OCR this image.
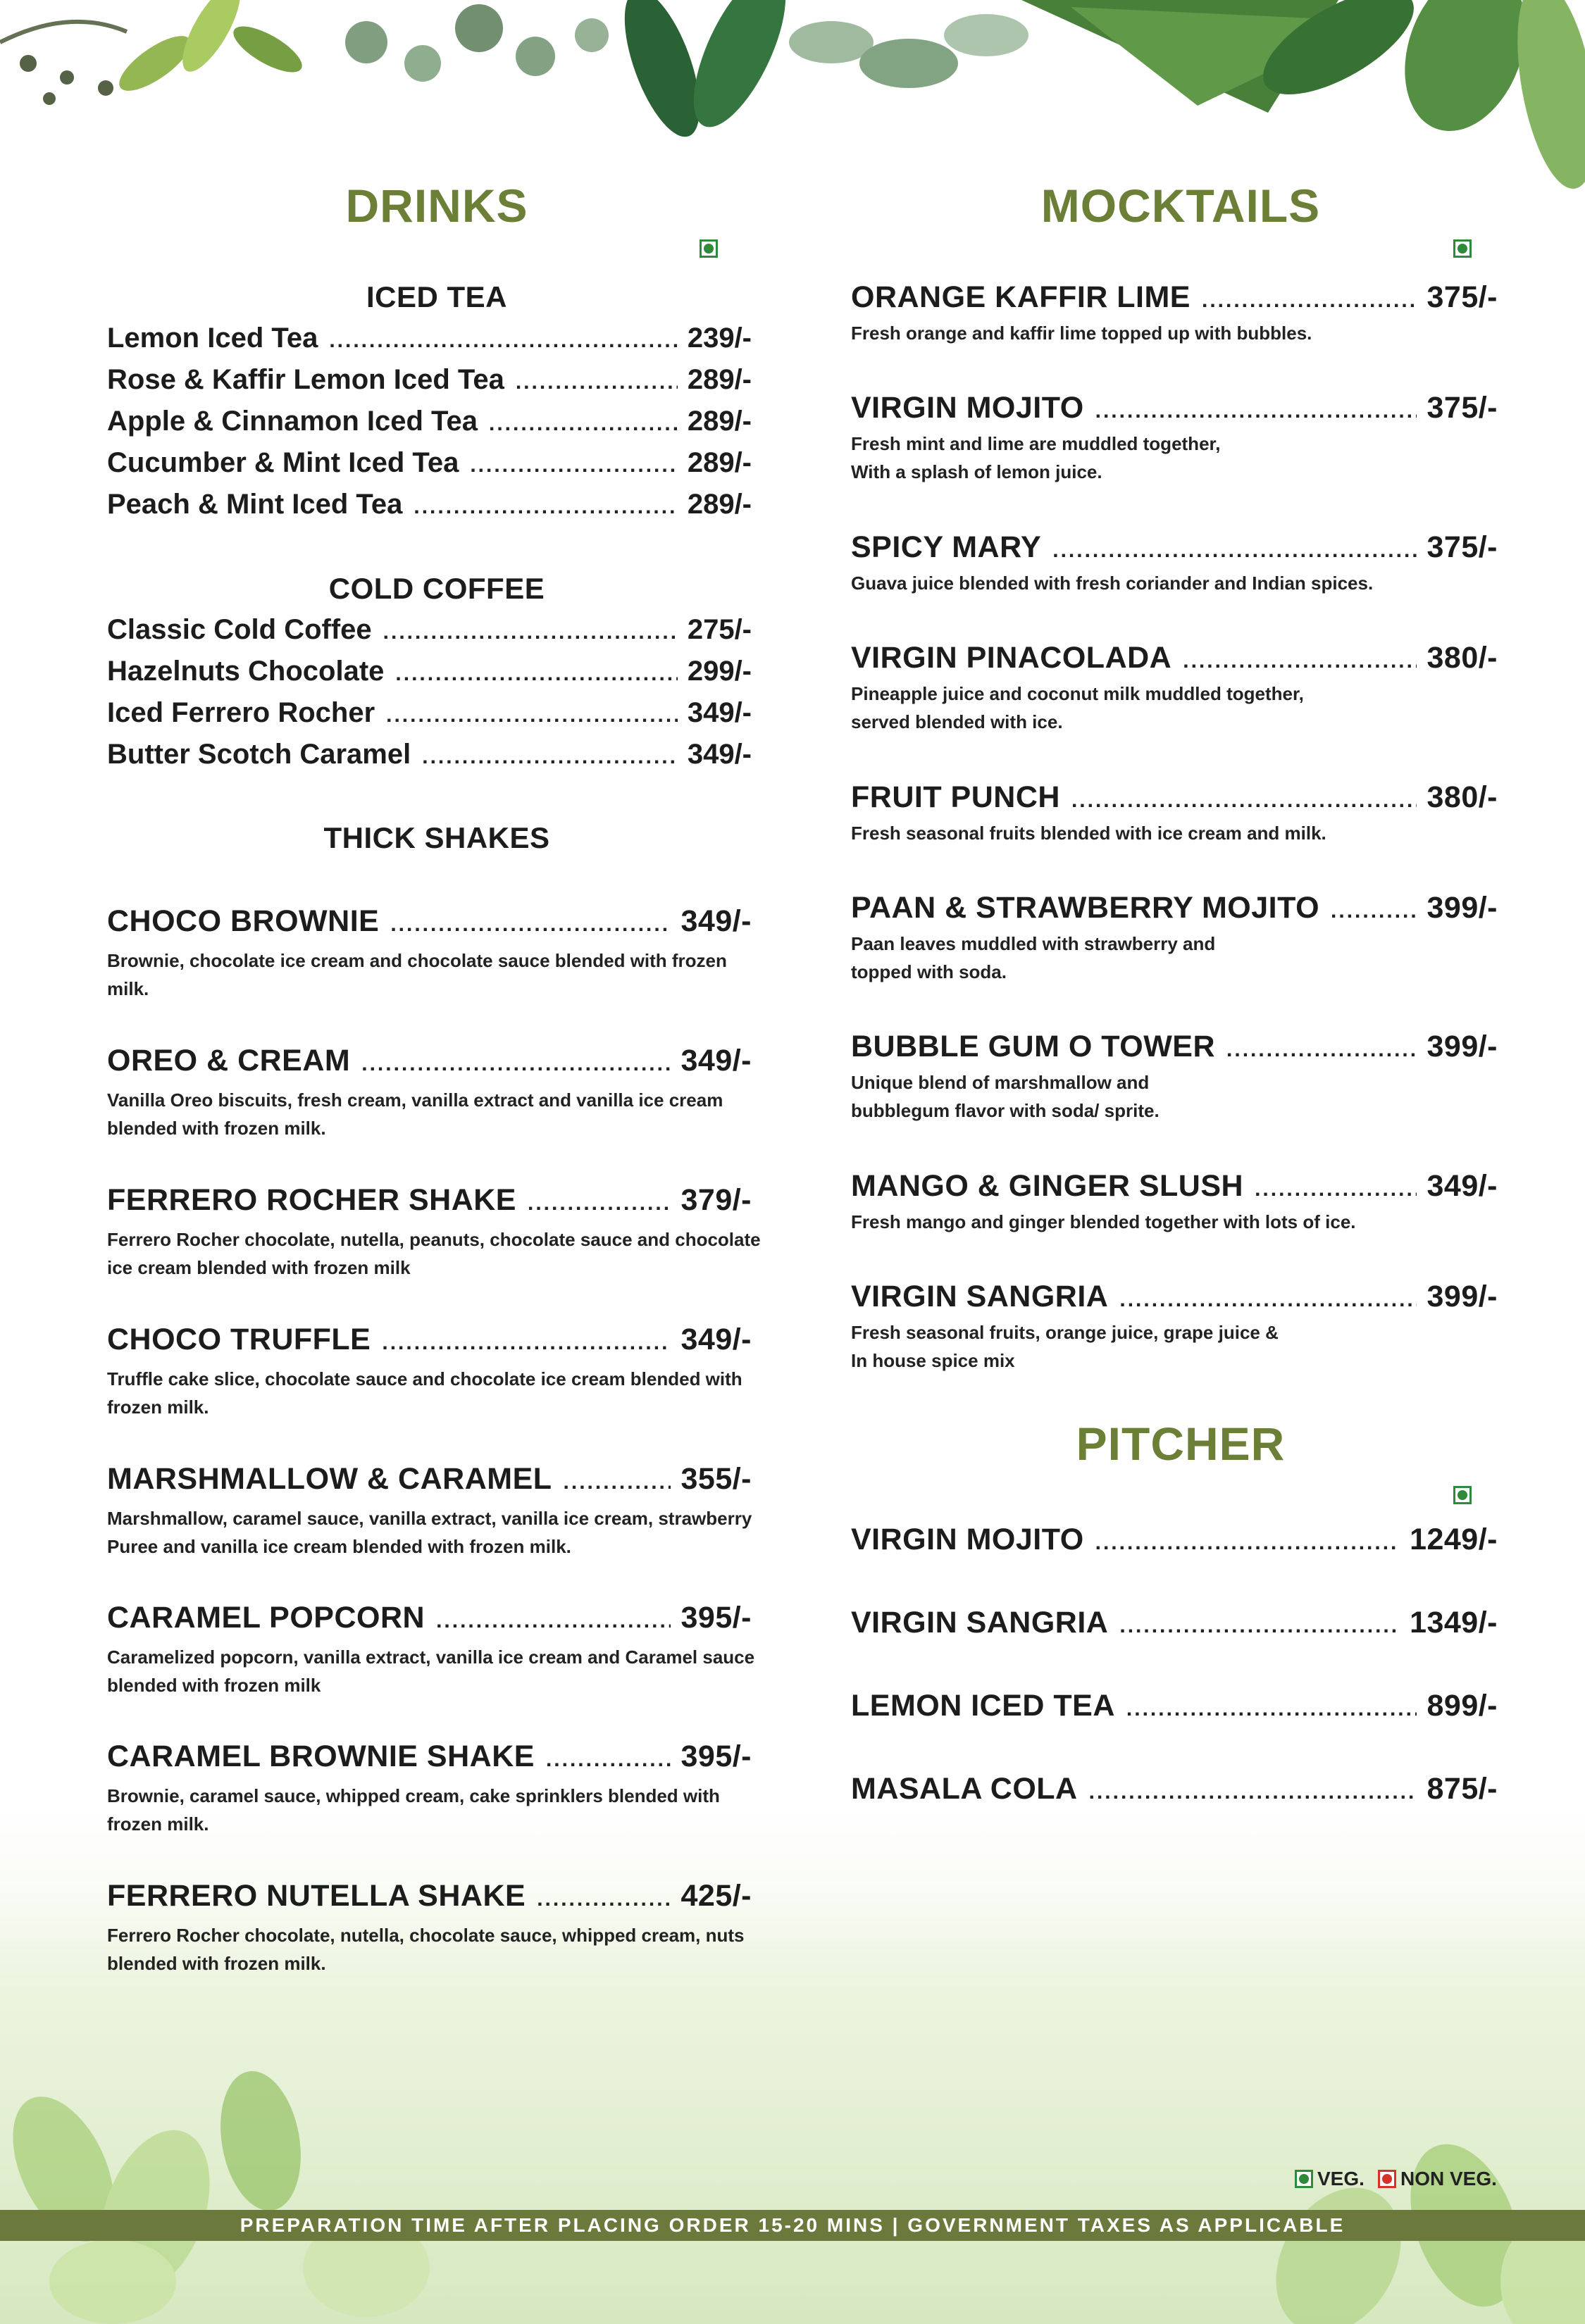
DRINKS
ICED TEA
Lemon Iced Tea .....	239/-
Rose & Kaffir Lemon Iced Tea .....	289/-
Apple & Cinnamon Iced Tea .....	289/-
Cucumber & Mint Iced Tea .....	289/-
Peach & Mint Iced Tea .....	289/-
COLD COFFEE
Classic Cold Coffee .....	275/-
Hazelnuts Chocolate .....	299/-
Iced Ferrero Rocher .....	349/-
Butter Scotch Caramel .....	349/-
THICK SHAKES
CHOCO BROWNIE .....	349/-
Brownie, chocolate ice cream and chocolate sauce blended with frozen
milk.
OREO & CREAM .....	349/-
Vanilla Oreo biscuits, fresh cream, vanilla extract and vanilla ice cream
blended with frozen milk.
FERRERO ROCHER SHAKE .....	379/-
Ferrero Rocher chocolate, nutella, peanuts, chocolate sauce and chocolate
ice cream blended with frozen milk
CHOCO TRUFFLE .....	349/-
Truffle cake slice, chocolate sauce and chocolate ice cream blended with
frozen milk.
MARSHMALLOW & CARAMEL .....	355/-
Marshmallow, caramel sauce, vanilla extract, vanilla ice cream, strawberry
Puree and vanilla ice cream blended with frozen milk.
CARAMEL POPCORN .....	395/-
Caramelized popcorn, vanilla extract, vanilla ice cream and Caramel sauce
blended with frozen milk
CARAMEL BROWNIE SHAKE .....	395/-
Brownie, caramel sauce, whipped cream, cake sprinklers blended with
frozen milk.
FERRERO NUTELLA SHAKE .....	425/-
Ferrero Rocher chocolate, nutella, chocolate sauce, whipped cream, nuts
blended with frozen milk.
MOCKTAILS
ORANGE KAFFIR LIME .....	375/-
Fresh orange and kaffir lime topped up with bubbles.
VIRGIN MOJITO .....	375/-
Fresh mint and lime are muddled together,
With a splash of lemon juice.
SPICY MARY .....	375/-
Guava juice blended with fresh coriander and Indian spices.
VIRGIN PINACOLADA .....	380/-
Pineapple juice and coconut milk muddled together,
served blended with ice.
FRUIT PUNCH .....	380/-
Fresh seasonal fruits blended with ice cream and milk.
PAAN & STRAWBERRY MOJITO .....	399/-
Paan leaves muddled with strawberry and
topped with soda.
BUBBLE GUM O TOWER .....	399/-
Unique blend of marshmallow and
bubblegum flavor with soda/ sprite.
MANGO & GINGER SLUSH .....	349/-
Fresh mango and ginger blended together with lots of ice.
VIRGIN SANGRIA .....	399/-
Fresh seasonal fruits, orange juice, grape juice &
In house spice mix
PITCHER
VIRGIN MOJITO .....	1249/-
VIRGIN SANGRIA .....	1349/-
LEMON ICED TEA .....	899/-
MASALA COLA .....	875/-
VEG. NON VEG.
PREPARATION TIME AFTER PLACING ORDER 15-20 MINS | GOVERNMENT TAXES AS APPLICABLE
